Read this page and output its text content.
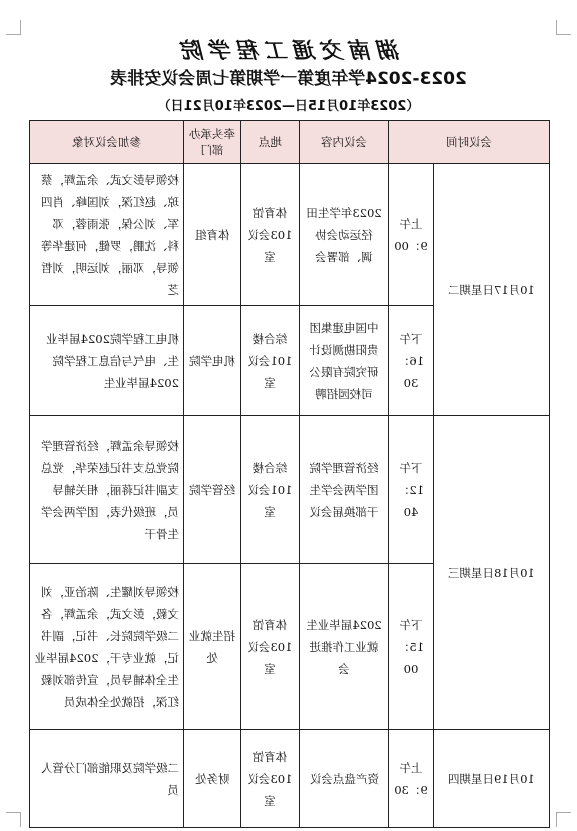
湖南交通工程学院
2023-2024学年度第一学期第七周会议安排表
（2023年10月15日—2023年10月21日）
参加会议对象	牵头承办部门	地点	会议内容	会议时间	
校领导彭文武、余孟辉，蔡琼、赵红深，刘国峰、肖四军、刘公保，张雨蓉，邓科、沈鹏，罗健，何建华等领导，邓丽，刘运明，刘哲芝	体育组	体育馆103会议室	2023年学生田径运动会协调、部署会	上午9：00	10月17日星期二
机电工程学院2024届毕业生、电气与信息工程学院2024届毕业生	机电学院	综合楼101会议室	中国电建集团贵阳勘测设计研究院有限公司校园招聘	下午16：30	
校领导余孟辉，经济管理学院党总支书记赵荣华，党总支副书记蒋丽，相关辅导员，班级代表，团学两会学生骨干	经管学院	综合楼101会议室	经济管理学院团学两会学生干部换届会议	下午12：40	10月18日星期三
校领导刘耀生、陈治亚，刘文毅，彭文武，余孟辉，各二级学院院长、书记，副书记，就业专干，2024届毕业生全体辅导员，宣传部刘毅红深，招就处全体成员	招生就业处	体育馆103会议室	2024届毕业生就业工作推进会	下午15：00	
二级学院及职能部门分管人员	财务处	体育馆103会议室	资产盘点会议	上午9：30	10月19日星期四
